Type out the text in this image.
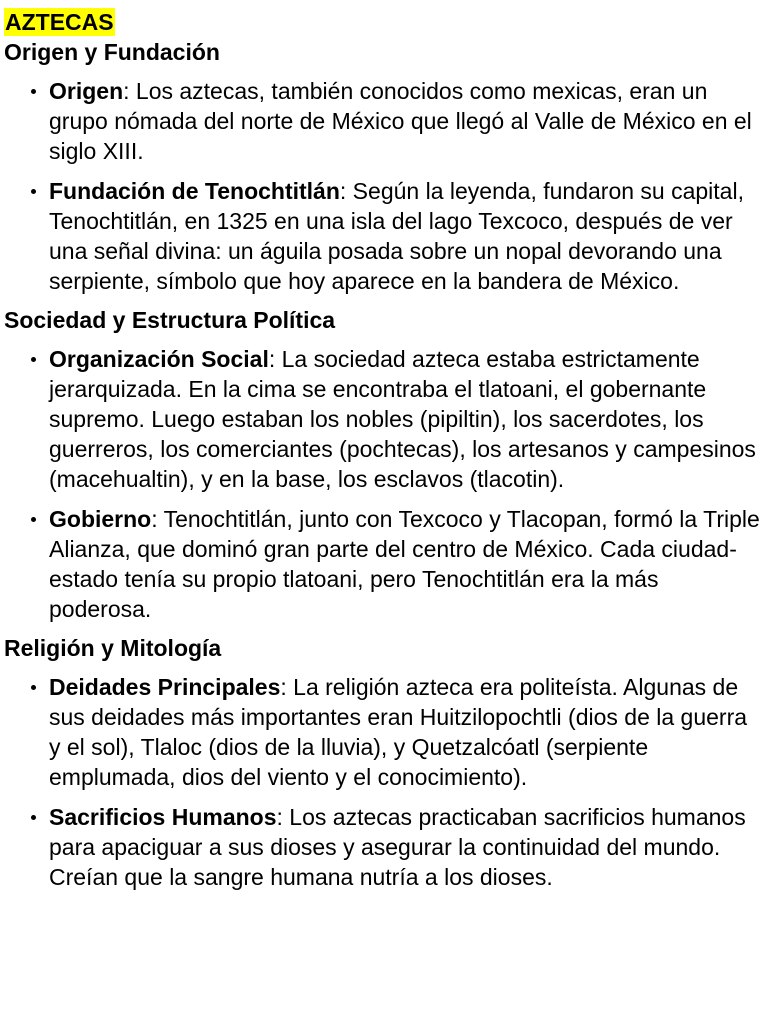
AZTECAS
Origen y Fundación
Origen: Los aztecas, también conocidos como mexicas, eran un grupo nómada del norte de México que llegó al Valle de México en el siglo XIII.
Fundación de Tenochtitlán: Según la leyenda, fundaron su capital, Tenochtitlán, en 1325 en una isla del lago Texcoco, después de ver una señal divina: un águila posada sobre un nopal devorando una serpiente, símbolo que hoy aparece en la bandera de México.
Sociedad y Estructura Política
Organización Social: La sociedad azteca estaba estrictamente jerarquizada. En la cima se encontraba el tlatoani, el gobernante supremo. Luego estaban los nobles (pipiltin), los sacerdotes, los guerreros, los comerciantes (pochtecas), los artesanos y campesinos (macehualtin), y en la base, los esclavos (tlacotin).
Gobierno: Tenochtitlán, junto con Texcoco y Tlacopan, formó la Triple Alianza, que dominó gran parte del centro de México. Cada ciudad-estado tenía su propio tlatoani, pero Tenochtitlán era la más poderosa.
Religión y Mitología
Deidades Principales: La religión azteca era politeísta. Algunas de sus deidades más importantes eran Huitzilopochtli (dios de la guerra y el sol), Tlaloc (dios de la lluvia), y Quetzalcóatl (serpiente emplumada, dios del viento y el conocimiento).
Sacrificios Humanos: Los aztecas practicaban sacrificios humanos para apaciguar a sus dioses y asegurar la continuidad del mundo. Creían que la sangre humana nutría a los dioses.
